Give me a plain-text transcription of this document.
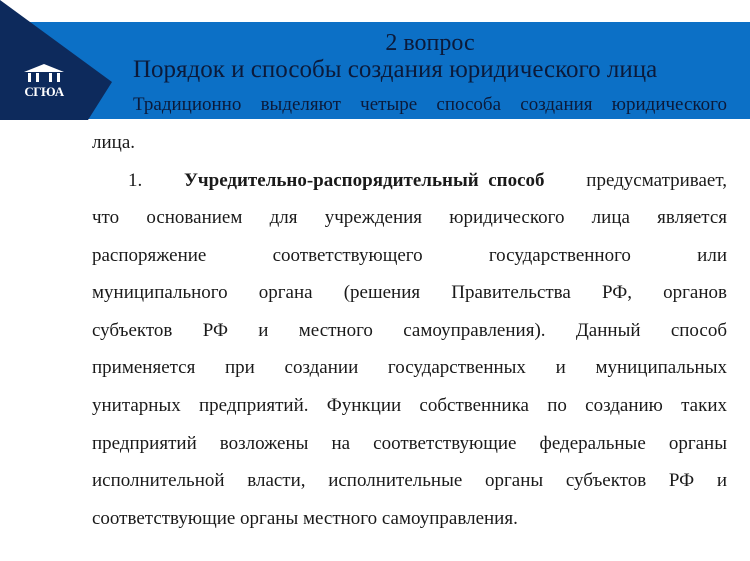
СГЮА
2 вопрос
Порядок и способы создания юридического лица
Традиционно выделяют четыре способа создания юридического
лица.
1. Учредительно-распорядительный  способ предусматривает,
что основанием для учреждения юридического лица является
распоряжение соответствующего государственного или
муниципального органа (решения Правительства РФ, органов
субъектов РФ и местного самоуправления). Данный способ
применяется при создании государственных и муниципальных
унитарных предприятий. Функции собственника по созданию таких
предприятий возложены на соответствующие федеральные органы
исполнительной власти, исполнительные органы субъектов РФ и
соответствующие органы местного самоуправления.
